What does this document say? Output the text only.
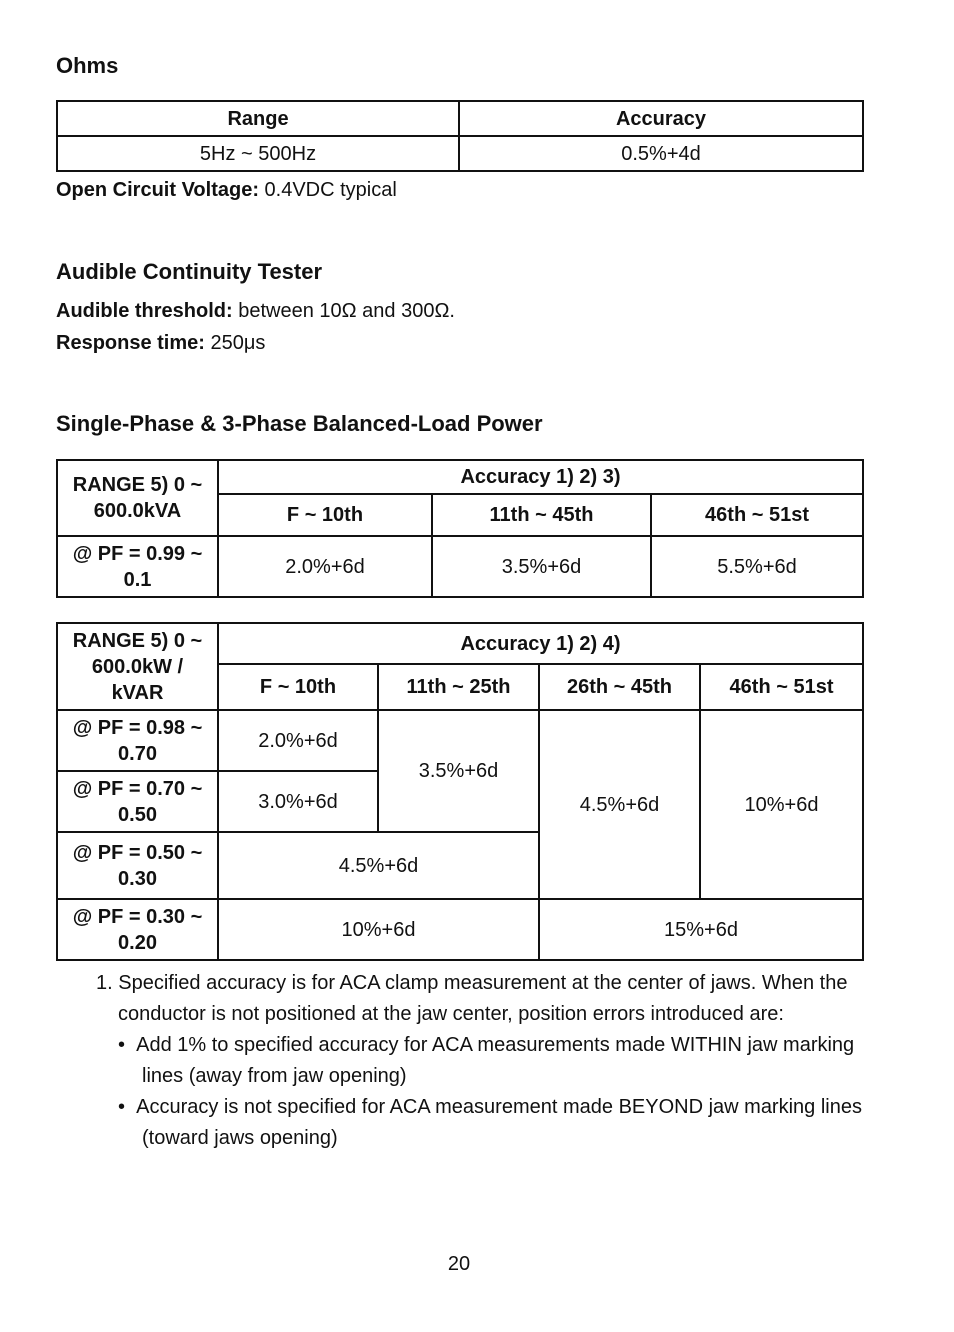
Ohms
Range	Accuracy
5Hz ~ 500Hz	0.5%+4d
Open Circuit Voltage: 0.4VDC typical
Audible Continuity Tester
Audible threshold: between 10Ω and 300Ω.
Response time: 250μs
Single-Phase & 3-Phase Balanced-Load Power
RANGE 5) 0 ~ 600.0kVA	Accuracy 1) 2) 3)		
	F ~ 10th	11th ~ 45th	46th ~ 51st
@ PF = 0.99 ~ 0.1	2.0%+6d	3.5%+6d	5.5%+6d
RANGE 5) 0 ~ 600.0kW / kVAR	Accuracy 1) 2) 4)			
	F ~ 10th	11th ~ 25th	26th ~ 45th	46th ~ 51st
@ PF = 0.98 ~ 0.70	2.0%+6d	3.5%+6d	4.5%+6d	10%+6d
@ PF = 0.70 ~ 0.50	3.0%+6d			
@ PF = 0.50 ~ 0.30	4.5%+6d			
@ PF = 0.30 ~ 0.20	10%+6d		15%+6d	
1. Specified accuracy is for ACA clamp measurement at the center of jaws. When the conductor is not positioned at the jaw center, position errors introduced are:
•  Add 1% to specified accuracy for ACA measurements made WITHIN jaw marking lines (away from jaw opening)
•  Accuracy is not specified for ACA measurement made BEYOND jaw marking lines (toward jaws opening)
20
